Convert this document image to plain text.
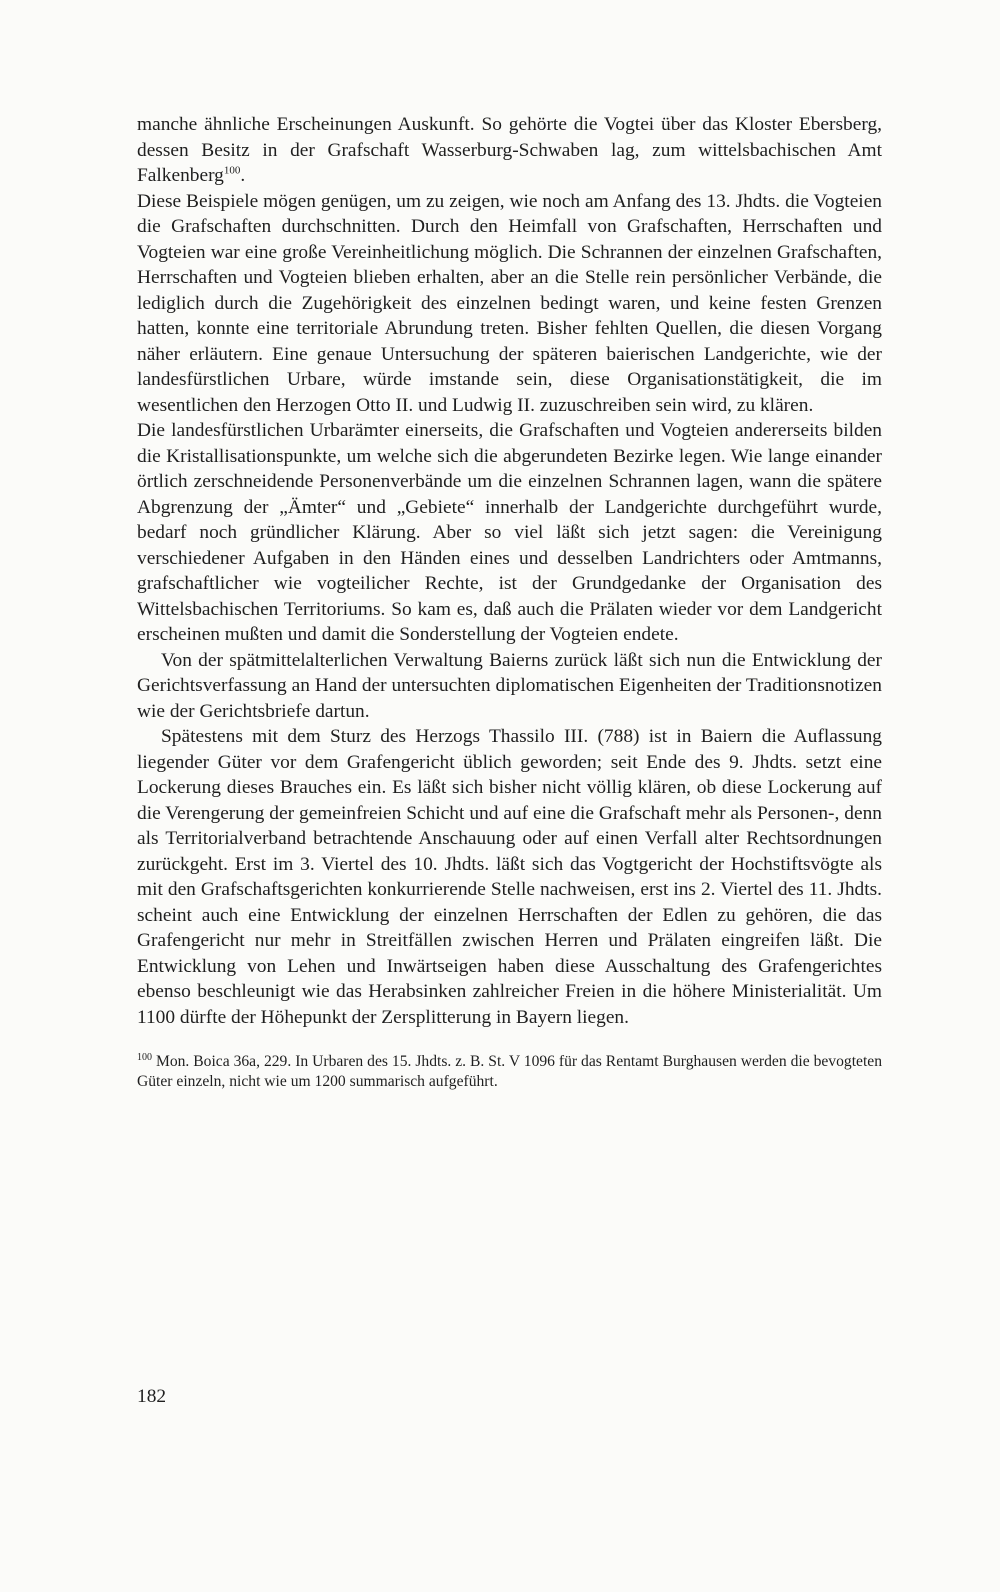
manche ähnliche Erscheinungen Auskunft. So gehörte die Vogtei über das Kloster Ebersberg, dessen Besitz in der Grafschaft Wasserburg-Schwaben lag, zum wittelsbachischen Amt Falkenberg$^{100}$.

Diese Beispiele mögen genügen, um zu zeigen, wie noch am Anfang des 13. Jhdts. die Vogteien die Grafschaften durchschnitten. Durch den Heimfall von Grafschaften, Herrschaften und Vogteien war eine große Vereinheitlichung möglich. Die Schrannen der einzelnen Grafschaften, Herrschaften und Vogteien blieben erhalten, aber an die Stelle rein persönlicher Verbände, die lediglich durch die Zugehörigkeit des einzelnen bedingt waren, und keine festen Grenzen hatten, konnte eine territoriale Abrundung treten. Bisher fehlten Quellen, die diesen Vorgang näher erläutern. Eine genaue Untersuchung der späteren baierischen Landgerichte, wie der landesfürstlichen Urbare, würde imstande sein, diese Organisationstätigkeit, die im wesentlichen den Herzogen Otto II. und Ludwig II. zuzuschreiben sein wird, zu klären.

Die landesfürstlichen Urbarämter einerseits, die Grafschaften und Vogteien andererseits bilden die Kristallisationspunkte, um welche sich die abgerundeten Bezirke legen. Wie lange einander örtlich zerschneidende Personenverbände um die einzelnen Schrannen lagen, wann die spätere Abgrenzung der „Ämter“ und „Gebiete“ innerhalb der Landgerichte durchgeführt wurde, bedarf noch gründlicher Klärung. Aber so viel läßt sich jetzt sagen: die Vereinigung verschiedener Aufgaben in den Händen eines und desselben Landrichters oder Amtmanns, grafschaftlicher wie vogteilicher Rechte, ist der Grundgedanke der Organisation des Wittelsbachischen Territoriums. So kam es, daß auch die Prälaten wieder vor dem Landgericht erscheinen mußten und damit die Sonderstellung der Vogteien endete.

Von der spätmittelalterlichen Verwaltung Baierns zurück läßt sich nun die Entwicklung der Gerichtsverfassung an Hand der untersuchten diplomatischen Eigenheiten der Traditionsnotizen wie der Gerichtsbriefe dartun.

Spätestens mit dem Sturz des Herzogs Thassilo III. (788) ist in Baiern die Auflassung liegender Güter vor dem Grafengericht üblich geworden; seit Ende des 9. Jhdts. setzt eine Lockerung dieses Brauches ein. Es läßt sich bisher nicht völlig klären, ob diese Lockerung auf die Verengerung der gemeinfreien Schicht und auf eine die Grafschaft mehr als Personen-, denn als Territorialverband betrachtende Anschauung oder auf einen Verfall alter Rechtsordnungen zurückgeht. Erst im 3. Viertel des 10. Jhdts. läßt sich das Vogtgericht der Hochstiftsvögte als mit den Grafschaftsgerichten konkurrierende Stelle nachweisen, erst ins 2. Viertel des 11. Jhdts. scheint auch eine Entwicklung der einzelnen Herrschaften der Edlen zu gehören, die das Grafengericht nur mehr in Streitfällen zwischen Herren und Prälaten eingreifen läßt. Die Entwicklung von Lehen und Inwärtseigen haben diese Ausschaltung des Grafengerichtes ebenso beschleunigt wie das Herabsinken zahlreicher Freien in die höhere Ministerialität. Um 1100 dürfte der Höhepunkt der Zersplitterung in Bayern liegen.

$^{100}$ Mon. Boica 36a, 229. In Urbaren des 15. Jhdts. z. B. St. V 1096 für das Rentamt Burghausen werden die bevogteten Güter einzeln, nicht wie um 1200 summarisch aufgeführt.
182
